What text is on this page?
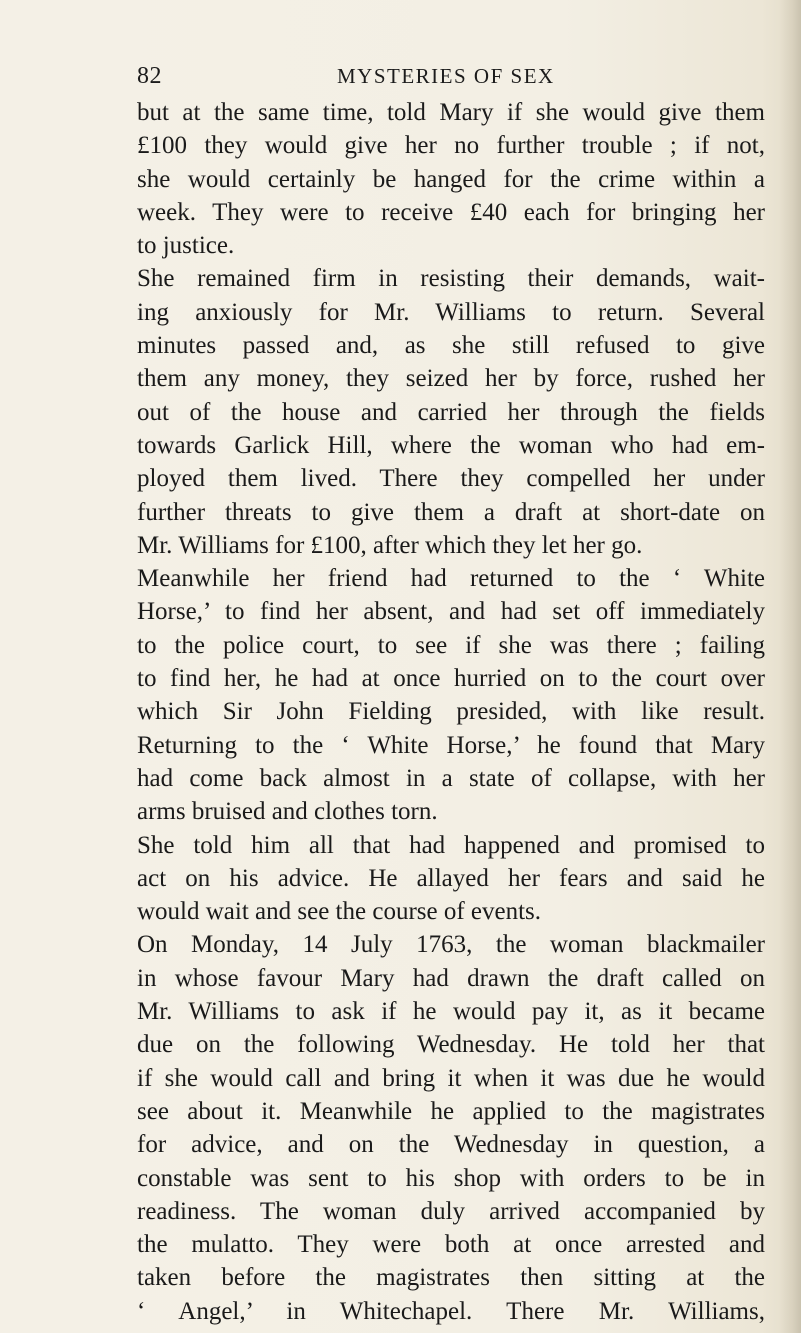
82	MYSTERIES OF SEX
but at the same time, told Mary if she would give them
£100 they would give her no further trouble ; if not,
she would certainly be hanged for the crime within a
week. They were to receive £40 each for bringing her
to justice.
She remained firm in resisting their demands, wait-
ing anxiously for Mr. Williams to return. Several
minutes passed and, as she still refused to give
them any money, they seized her by force, rushed her
out of the house and carried her through the fields
towards Garlick Hill, where the woman who had em-
ployed them lived. There they compelled her under
further threats to give them a draft at short-date on
Mr. Williams for £100, after which they let her go.
Meanwhile her friend had returned to the ‘ White
Horse,’ to find her absent, and had set off immediately
to the police court, to see if she was there ; failing
to find her, he had at once hurried on to the court over
which Sir John Fielding presided, with like result.
Returning to the ‘ White Horse,’ he found that Mary
had come back almost in a state of collapse, with her
arms bruised and clothes torn.
She told him all that had happened and promised to
act on his advice. He allayed her fears and said he
would wait and see the course of events.
On Monday, 14 July 1763, the woman blackmailer
in whose favour Mary had drawn the draft called on
Mr. Williams to ask if he would pay it, as it became
due on the following Wednesday. He told her that
if she would call and bring it when it was due he would
see about it. Meanwhile he applied to the magistrates
for advice, and on the Wednesday in question, a
constable was sent to his shop with orders to be in
readiness. The woman duly arrived accompanied by
the mulatto. They were both at once arrested and
taken before the magistrates then sitting at the
‘ Angel,’ in Whitechapel. There Mr. Williams,
